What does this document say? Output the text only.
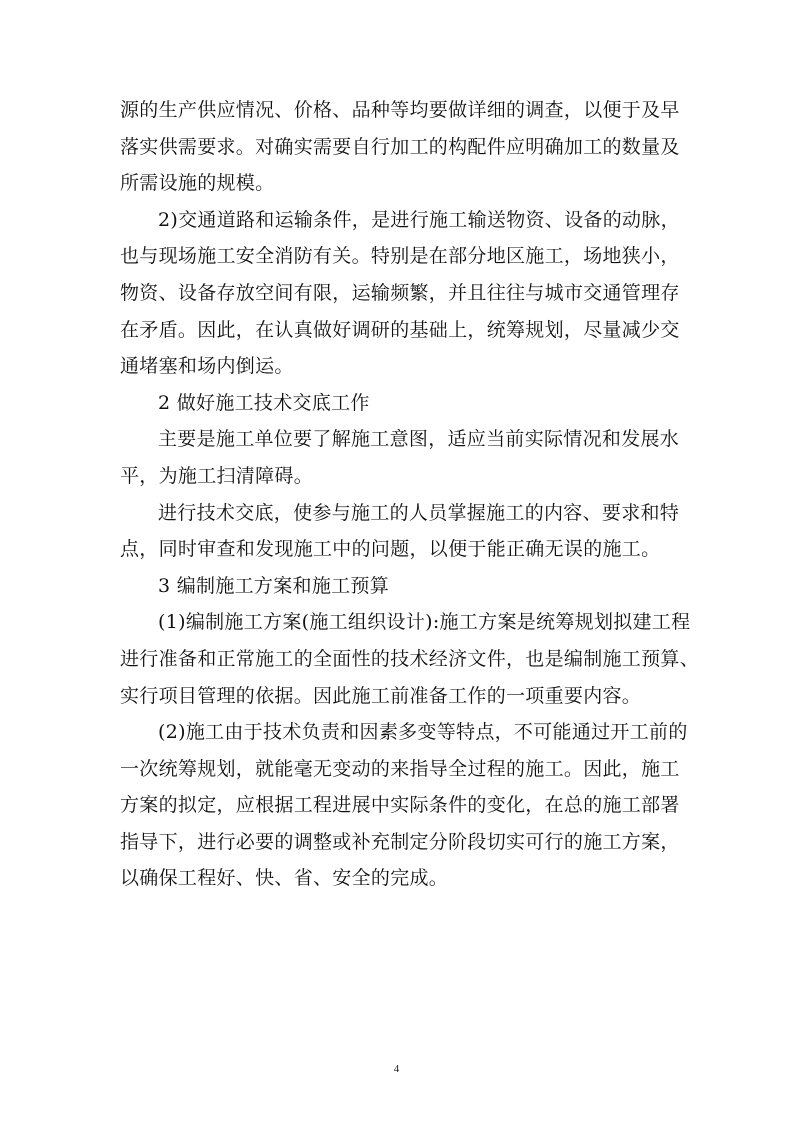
源的生产供应情况、价格、品种等均要做详细的调查，以便于及早
落实供需要求。对确实需要自行加工的构配件应明确加工的数量及
所需设施的规模。
2)交通道路和运输条件，是进行施工输送物资、设备的动脉，
也与现场施工安全消防有关。特别是在部分地区施工，场地狭小，
物资、设备存放空间有限，运输频繁，并且往往与城市交通管理存
在矛盾。因此，在认真做好调研的基础上，统筹规划，尽量减少交
通堵塞和场内倒运。
2 做好施工技术交底工作
主要是施工单位要了解施工意图，适应当前实际情况和发展水
平，为施工扫清障碍。
进行技术交底，使参与施工的人员掌握施工的内容、要求和特
点，同时审查和发现施工中的问题，以便于能正确无误的施工。
3 编制施工方案和施工预算
(1)编制施工方案(施工组织设计):施工方案是统筹规划拟建工程
进行准备和正常施工的全面性的技术经济文件，也是编制施工预算、
实行项目管理的依据。因此施工前准备工作的一项重要内容。
(2)施工由于技术负责和因素多变等特点，不可能通过开工前的
一次统筹规划，就能毫无变动的来指导全过程的施工。因此，施工
方案的拟定，应根据工程进展中实际条件的变化，在总的施工部署
指导下，进行必要的调整或补充制定分阶段切实可行的施工方案，
以确保工程好、快、省、安全的完成。
4
